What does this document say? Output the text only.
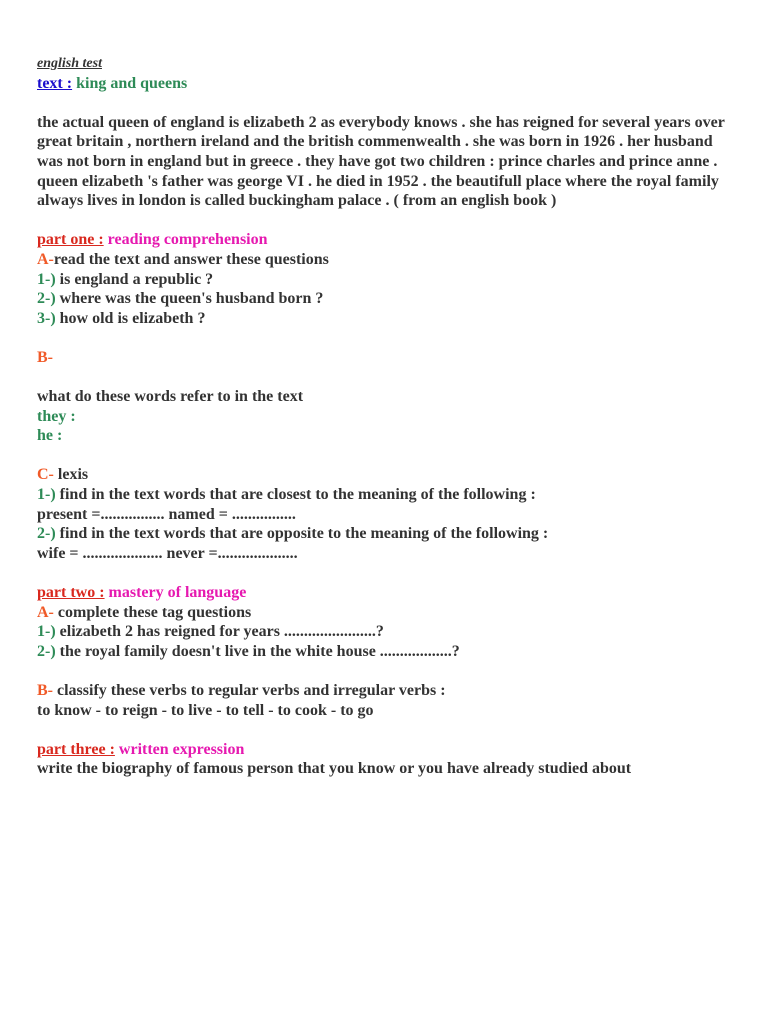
english test
text : king and queens
the actual queen of england is elizabeth 2 as everybody knows . she has reigned for several years over great britain , northern ireland and the british commenwealth . she was born in 1926 . her husband was not born in england but in greece . they have got two children : prince charles and prince anne . queen elizabeth 's father was george VI . he died in 1952 . the beautifull place where the royal family always lives in london is called buckingham palace . ( from an english book )
part one : reading comprehension
A-read the text and answer these questions
1-) is england a republic ?
2-) where was the queen's husband born ?
3-) how old is elizabeth ?
B-
what do these words refer to in the text
they :
he :
C- lexis
1-) find in the text words that are closest to the meaning of the following :
present =................ named = ................
2-) find in the text words that are opposite to the meaning of the following :
wife = .................... never =....................
part two : mastery of language
A- complete these tag questions
1-) elizabeth 2 has reigned for years .......................?
2-) the royal family doesn't live in the white house ..................?
B- classify these verbs to regular verbs and irregular verbs :
to know - to reign - to live - to tell - to cook - to go
part three : written expression
write the biography of famous person that you know or you have already studied about
